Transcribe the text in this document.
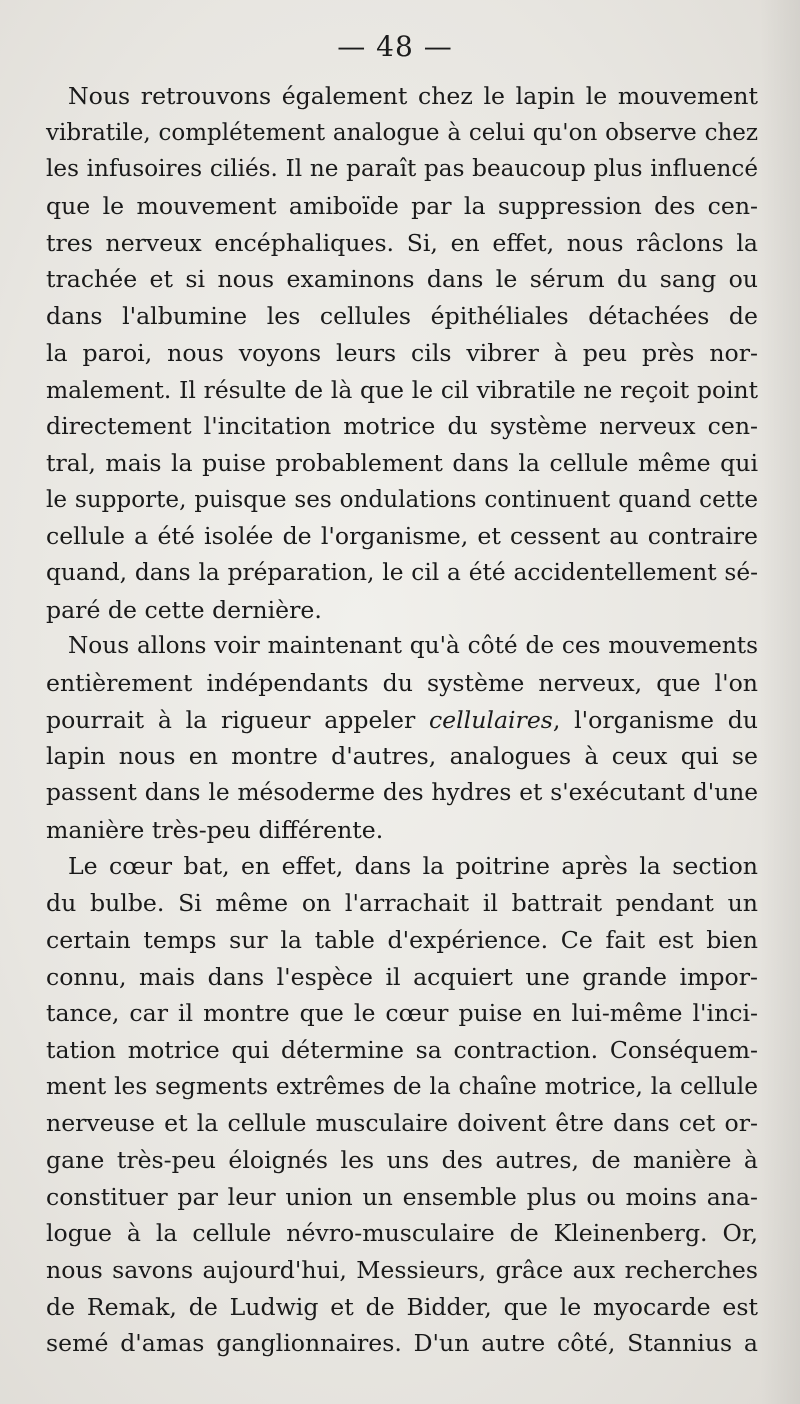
— 48 —

Nous retrouvons également chez le lapin le mouvement
vibratile, complétement analogue à celui qu'on observe chez
les infusoires ciliés. Il ne paraît pas beaucoup plus influencé
que le mouvement amiboïde par la suppression des cen-
tres nerveux encéphaliques. Si, en effet, nous râclons la
trachée et si nous examinons dans le sérum du sang ou
dans l'albumine les cellules épithéliales détachées de
la paroi, nous voyons leurs cils vibrer à peu près nor-
malement. Il résulte de là que le cil vibratile ne reçoit point
directement l'incitation motrice du système nerveux cen-
tral, mais la puise probablement dans la cellule même qui
le supporte, puisque ses ondulations continuent quand cette
cellule a été isolée de l'organisme, et cessent au contraire
quand, dans la préparation, le cil a été accidentellement sé-
paré de cette dernière.

Nous allons voir maintenant qu'à côté de ces mouvements
entièrement indépendants du système nerveux, que l'on
pourrait à la rigueur appeler cellulaires, l'organisme du
lapin nous en montre d'autres, analogues à ceux qui se
passent dans le mésoderme des hydres et s'exécutant d'une
manière très-peu différente.

Le cœur bat, en effet, dans la poitrine après la section
du bulbe. Si même on l'arrachait il battrait pendant un
certain temps sur la table d'expérience. Ce fait est bien
connu, mais dans l'espèce il acquiert une grande impor-
tance, car il montre que le cœur puise en lui-même l'inci-
tation motrice qui détermine sa contraction. Conséquem-
ment les segments extrêmes de la chaîne motrice, la cellule
nerveuse et la cellule musculaire doivent être dans cet or-
gane très-peu éloignés les uns des autres, de manière à
constituer par leur union un ensemble plus ou moins ana-
logue à la cellule névro-musculaire de Kleinenberg. Or,
nous savons aujourd'hui, Messieurs, grâce aux recherches
de Remak, de Ludwig et de Bidder, que le myocarde est
semé d'amas ganglionnaires. D'un autre côté, Stannius a
